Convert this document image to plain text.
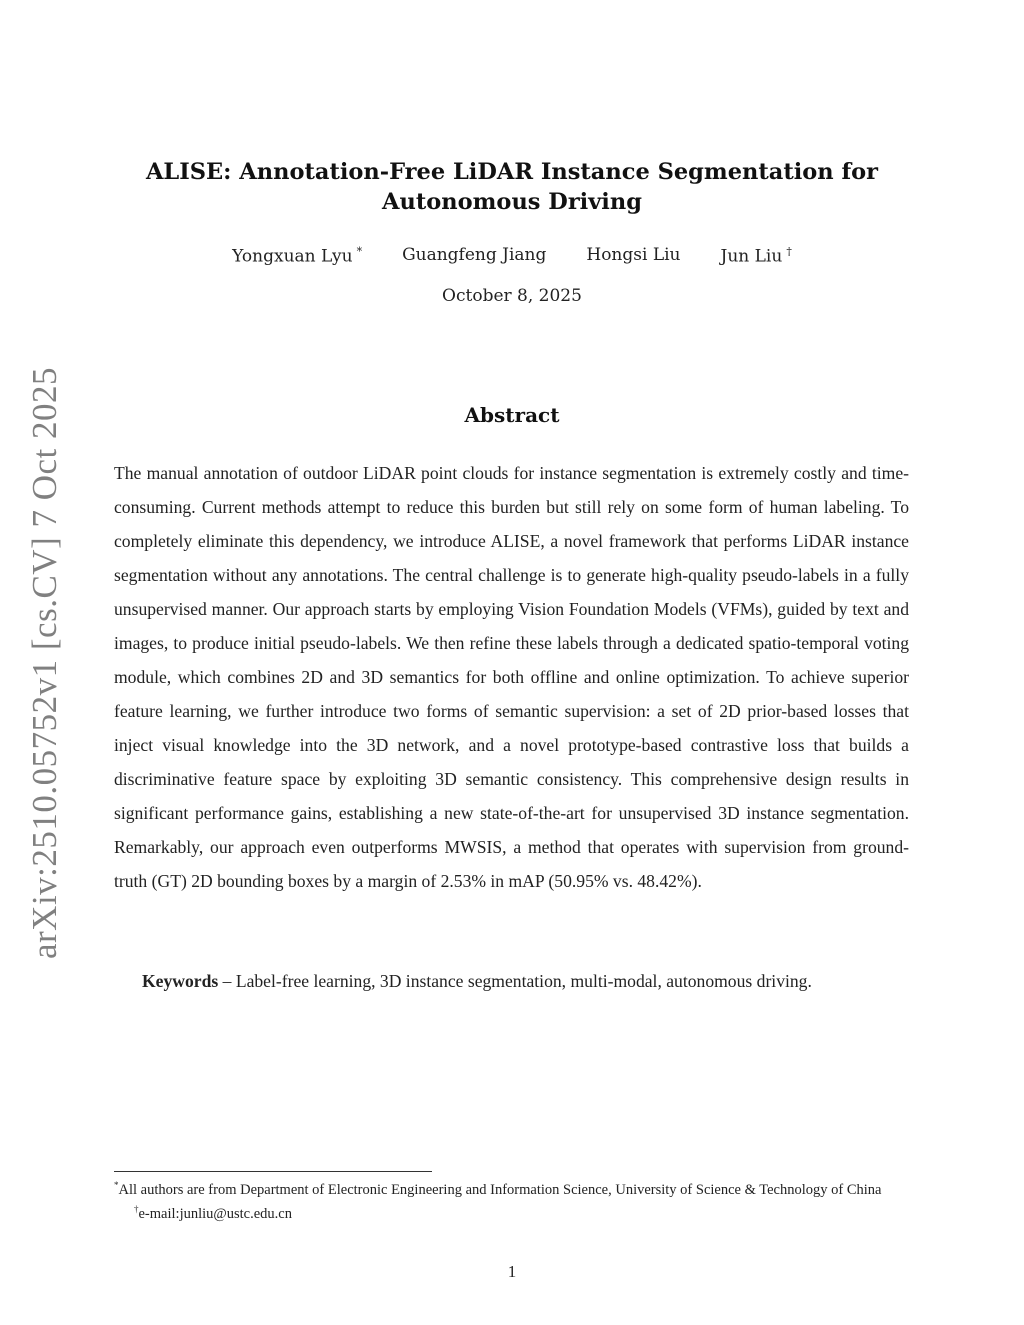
arXiv:2510.05752v1 [cs.CV] 7 Oct 2025
ALISE: Annotation-Free LiDAR Instance Segmentation for Autonomous Driving
Yongxuan Lyu * Guangfeng Jiang Hongsi Liu Jun Liu †
October 8, 2025
Abstract

The manual annotation of outdoor LiDAR point clouds for instance segmentation is extremely costly and time-consuming. Current methods attempt to reduce this burden but still rely on some form of human labeling. To completely eliminate this dependency, we introduce ALISE, a novel framework that performs LiDAR instance segmentation without any annotations. The central challenge is to generate high-quality pseudo-labels in a fully unsupervised manner. Our approach starts by employing Vision Foundation Models (VFMs), guided by text and images, to produce initial pseudo-labels. We then refine these labels through a dedicated spatio-temporal voting module, which combines 2D and 3D semantics for both offline and online optimization. To achieve superior feature learning, we further introduce two forms of semantic supervision: a set of 2D prior-based losses that inject visual knowledge into the 3D network, and a novel prototype-based contrastive loss that builds a discriminative feature space by exploiting 3D semantic consistency. This comprehensive design results in significant performance gains, establishing a new state-of-the-art for unsupervised 3D instance segmentation. Remarkably, our approach even outperforms MWSIS, a method that operates with supervision from ground-truth (GT) 2D bounding boxes by a margin of 2.53% in mAP (50.95% vs. 48.42%).

Keywords – Label-free learning, 3D instance segmentation, multi-modal, autonomous driving.

*All authors are from Department of Electronic Engineering and Information Science, University of Science & Technology of China

†e-mail:junliu@ustc.edu.cn

1
